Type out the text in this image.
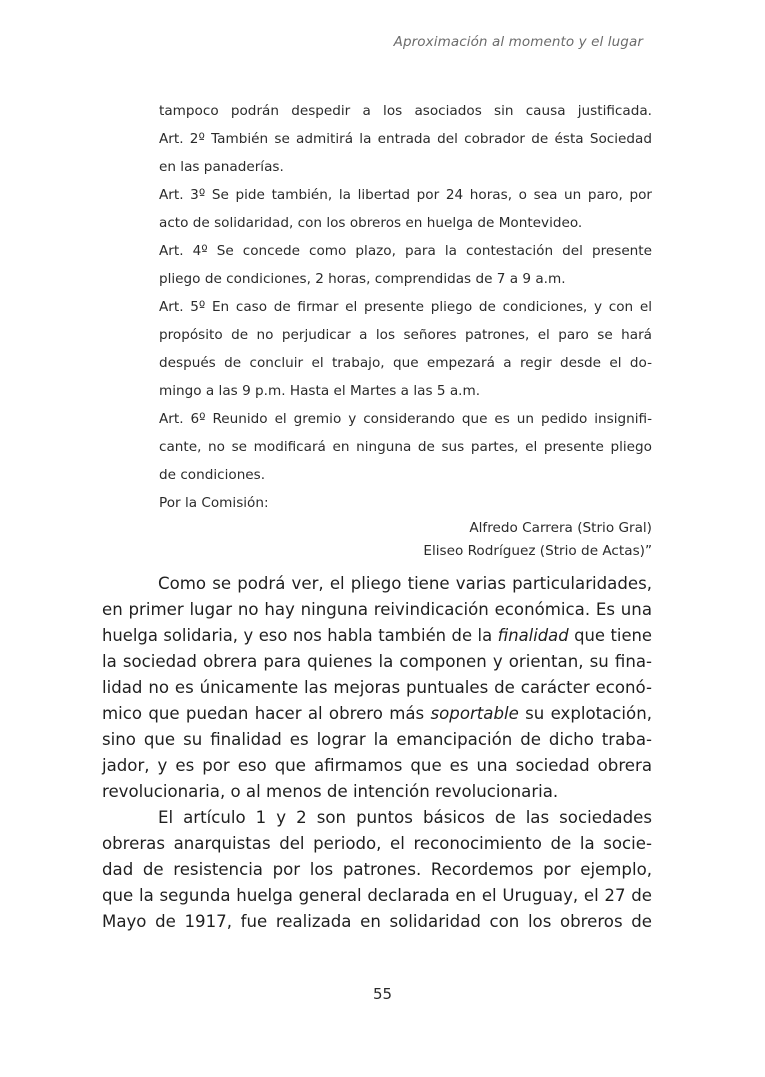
Aproximación al momento y el lugar
tampoco podrán despedir a los asociados sin causa justificada.
Art. 2º También se admitirá la entrada del cobrador de ésta Sociedad
en las panaderías.
Art. 3º Se pide también, la libertad por 24 horas, o sea un paro, por
acto de solidaridad, con los obreros en huelga de Montevideo.
Art. 4º Se concede como plazo, para la contestación del presente
pliego de condiciones, 2 horas, comprendidas de 7 a 9 a.m.
Art. 5º En caso de firmar el presente pliego de condiciones, y con el
propósito de no perjudicar a los señores patrones, el paro se hará
después de concluir el trabajo, que empezará a regir desde el do-
mingo a las 9 p.m. Hasta el Martes a las 5 a.m.
Art. 6º Reunido el gremio y considerando que es un pedido insignifi-
cante, no se modificará en ninguna de sus partes, el presente pliego
de condiciones.
Por la Comisión:
Alfredo Carrera (Strio Gral)
Eliseo Rodríguez (Strio de Actas)”
Como se podrá ver, el pliego tiene varias particularidades,
en primer lugar no hay ninguna reivindicación económica. Es una
huelga solidaria, y eso nos habla también de la finalidad que tiene
la sociedad obrera para quienes la componen y orientan, su fina-
lidad no es únicamente las mejoras puntuales de carácter econó-
mico que puedan hacer al obrero más soportable su explotación,
sino que su finalidad es lograr la emancipación de dicho traba-
jador, y es por eso que afirmamos que es una sociedad obrera
revolucionaria, o al menos de intención revolucionaria.
El artículo 1 y 2 son puntos básicos de las sociedades
obreras anarquistas del periodo, el reconocimiento de la socie-
dad de resistencia por los patrones. Recordemos por ejemplo,
que la segunda huelga general declarada en el Uruguay, el 27 de
Mayo de 1917, fue realizada en solidaridad con los obreros de
55
